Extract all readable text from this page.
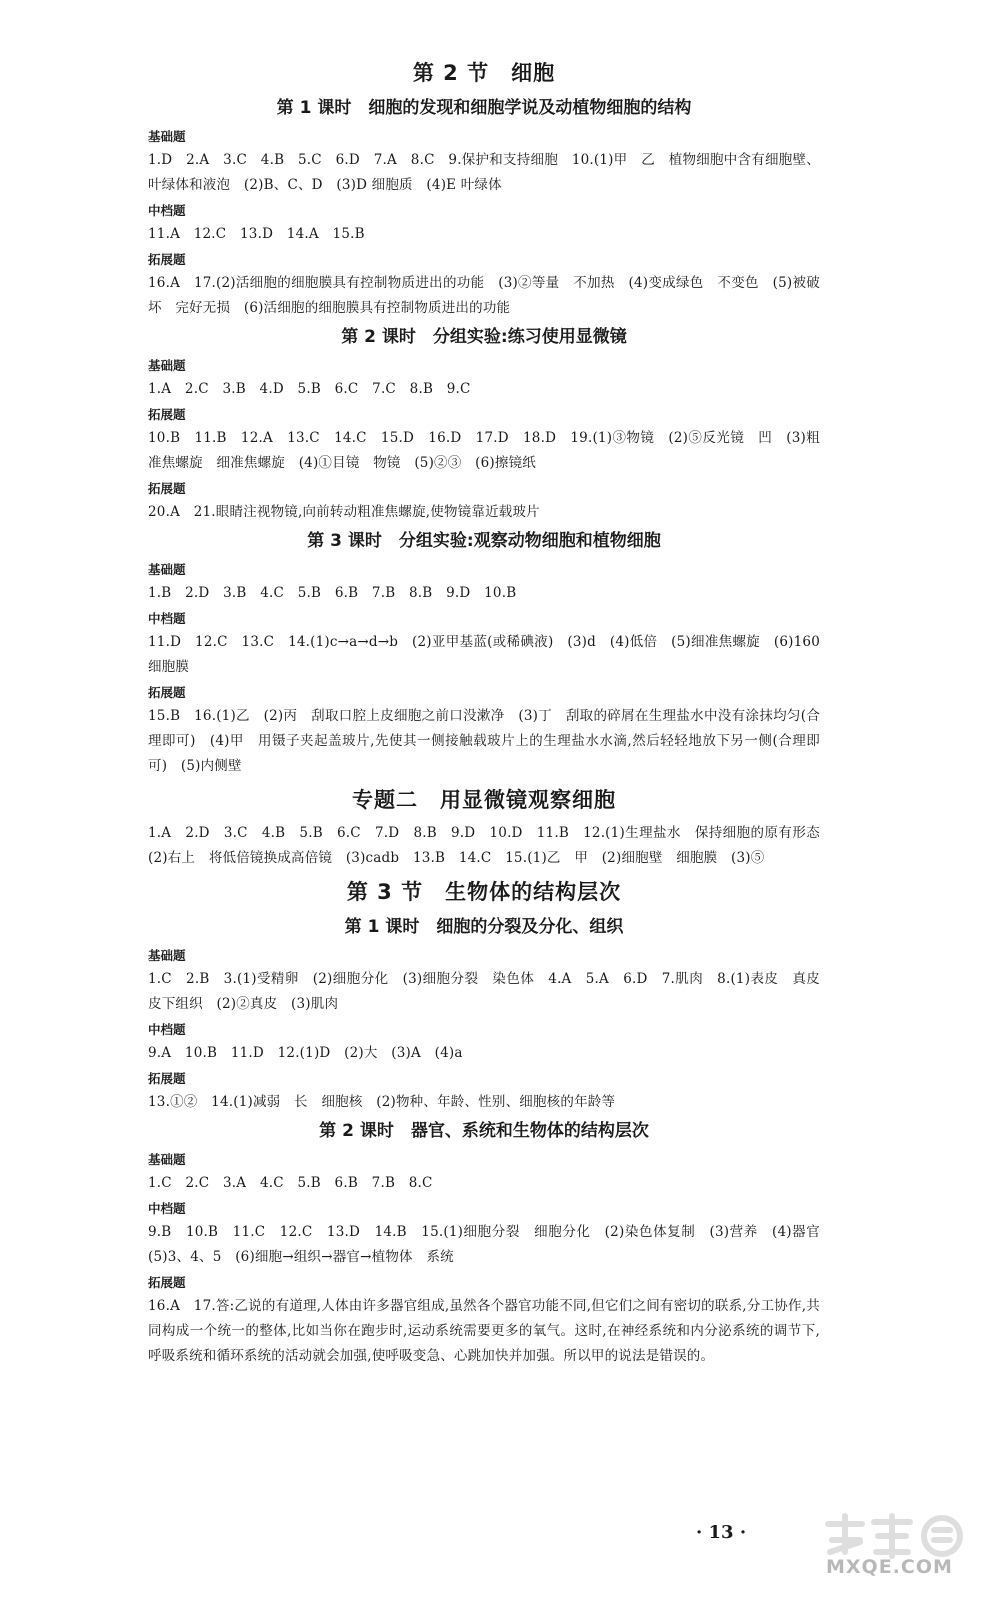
第 2 节　细胞
第 1 课时　细胞的发现和细胞学说及动植物细胞的结构
基础题
1.D　2.A　3.C　4.B　5.C　6.D　7.A　8.C　9.保护和支持细胞　10.(1)甲　乙　植物细胞中含有细胞壁、叶绿体和液泡　(2)B、C、D　(3)D 细胞质　(4)E 叶绿体
中档题
11.A　12.C　13.D　14.A　15.B
拓展题
16.A　17.(2)活细胞的细胞膜具有控制物质进出的功能　(3)②等量　不加热　(4)变成绿色　不变色　(5)被破坏　完好无损　(6)活细胞的细胞膜具有控制物质进出的功能
第 2 课时　分组实验:练习使用显微镜
基础题
1.A　2.C　3.B　4.D　5.B　6.C　7.C　8.B　9.C
拓展题
10.B　11.B　12.A　13.C　14.C　15.D　16.D　17.D　18.D　19.(1)③物镜　(2)⑤反光镜　凹　(3)粗准焦螺旋　细准焦螺旋　(4)①目镜　物镜　(5)②③　(6)擦镜纸
拓展题
20.A　21.眼睛注视物镜,向前转动粗准焦螺旋,使物镜靠近载玻片
第 3 课时　分组实验:观察动物细胞和植物细胞
基础题
1.B　2.D　3.B　4.C　5.B　6.B　7.B　8.B　9.D　10.B
中档题
11.D　12.C　13.C　14.(1)c→a→d→b　(2)亚甲基蓝(或稀碘液)　(3)d　(4)低倍　(5)细准焦螺旋　(6)160　细胞膜
拓展题
15.B　16.(1)乙　(2)丙　刮取口腔上皮细胞之前口没漱净　(3)丁　刮取的碎屑在生理盐水中没有涂抹均匀(合理即可)　(4)甲　用镊子夹起盖玻片,先使其一侧接触载玻片上的生理盐水水滴,然后轻轻地放下另一侧(合理即可)　(5)内侧壁
专题二　用显微镜观察细胞
1.A　2.D　3.C　4.B　5.B　6.C　7.D　8.B　9.D　10.D　11.B　12.(1)生理盐水　保持细胞的原有形态　(2)右上　将低倍镜换成高倍镜　(3)cadb　13.B　14.C　15.(1)乙　甲　(2)细胞壁　细胞膜　(3)⑤
第 3 节　生物体的结构层次
第 1 课时　细胞的分裂及分化、组织
基础题
1.C　2.B　3.(1)受精卵　(2)细胞分化　(3)细胞分裂　染色体　4.A　5.A　6.D　7.肌肉　8.(1)表皮　真皮　皮下组织　(2)②真皮　(3)肌肉
中档题
9.A　10.B　11.D　12.(1)D　(2)大　(3)A　(4)a
拓展题
13.①②　14.(1)减弱　长　细胞核　(2)物种、年龄、性别、细胞核的年龄等
第 2 课时　器官、系统和生物体的结构层次
基础题
1.C　2.C　3.A　4.C　5.B　6.B　7.B　8.C
中档题
9.B　10.B　11.C　12.C　13.D　14.B　15.(1)细胞分裂　细胞分化　(2)染色体复制　(3)营养　(4)器官　(5)3、4、5　(6)细胞→组织→器官→植物体　系统
拓展题
16.A　17.答:乙说的有道理,人体由许多器官组成,虽然各个器官功能不同,但它们之间有密切的联系,分工协作,共同构成一个统一的整体,比如当你在跑步时,运动系统需要更多的氧气。这时,在神经系统和内分泌系统的调节下,呼吸系统和循环系统的活动就会加强,使呼吸变急、心跳加快并加强。所以甲的说法是错误的。
· 13 ·
MXQE.COM
